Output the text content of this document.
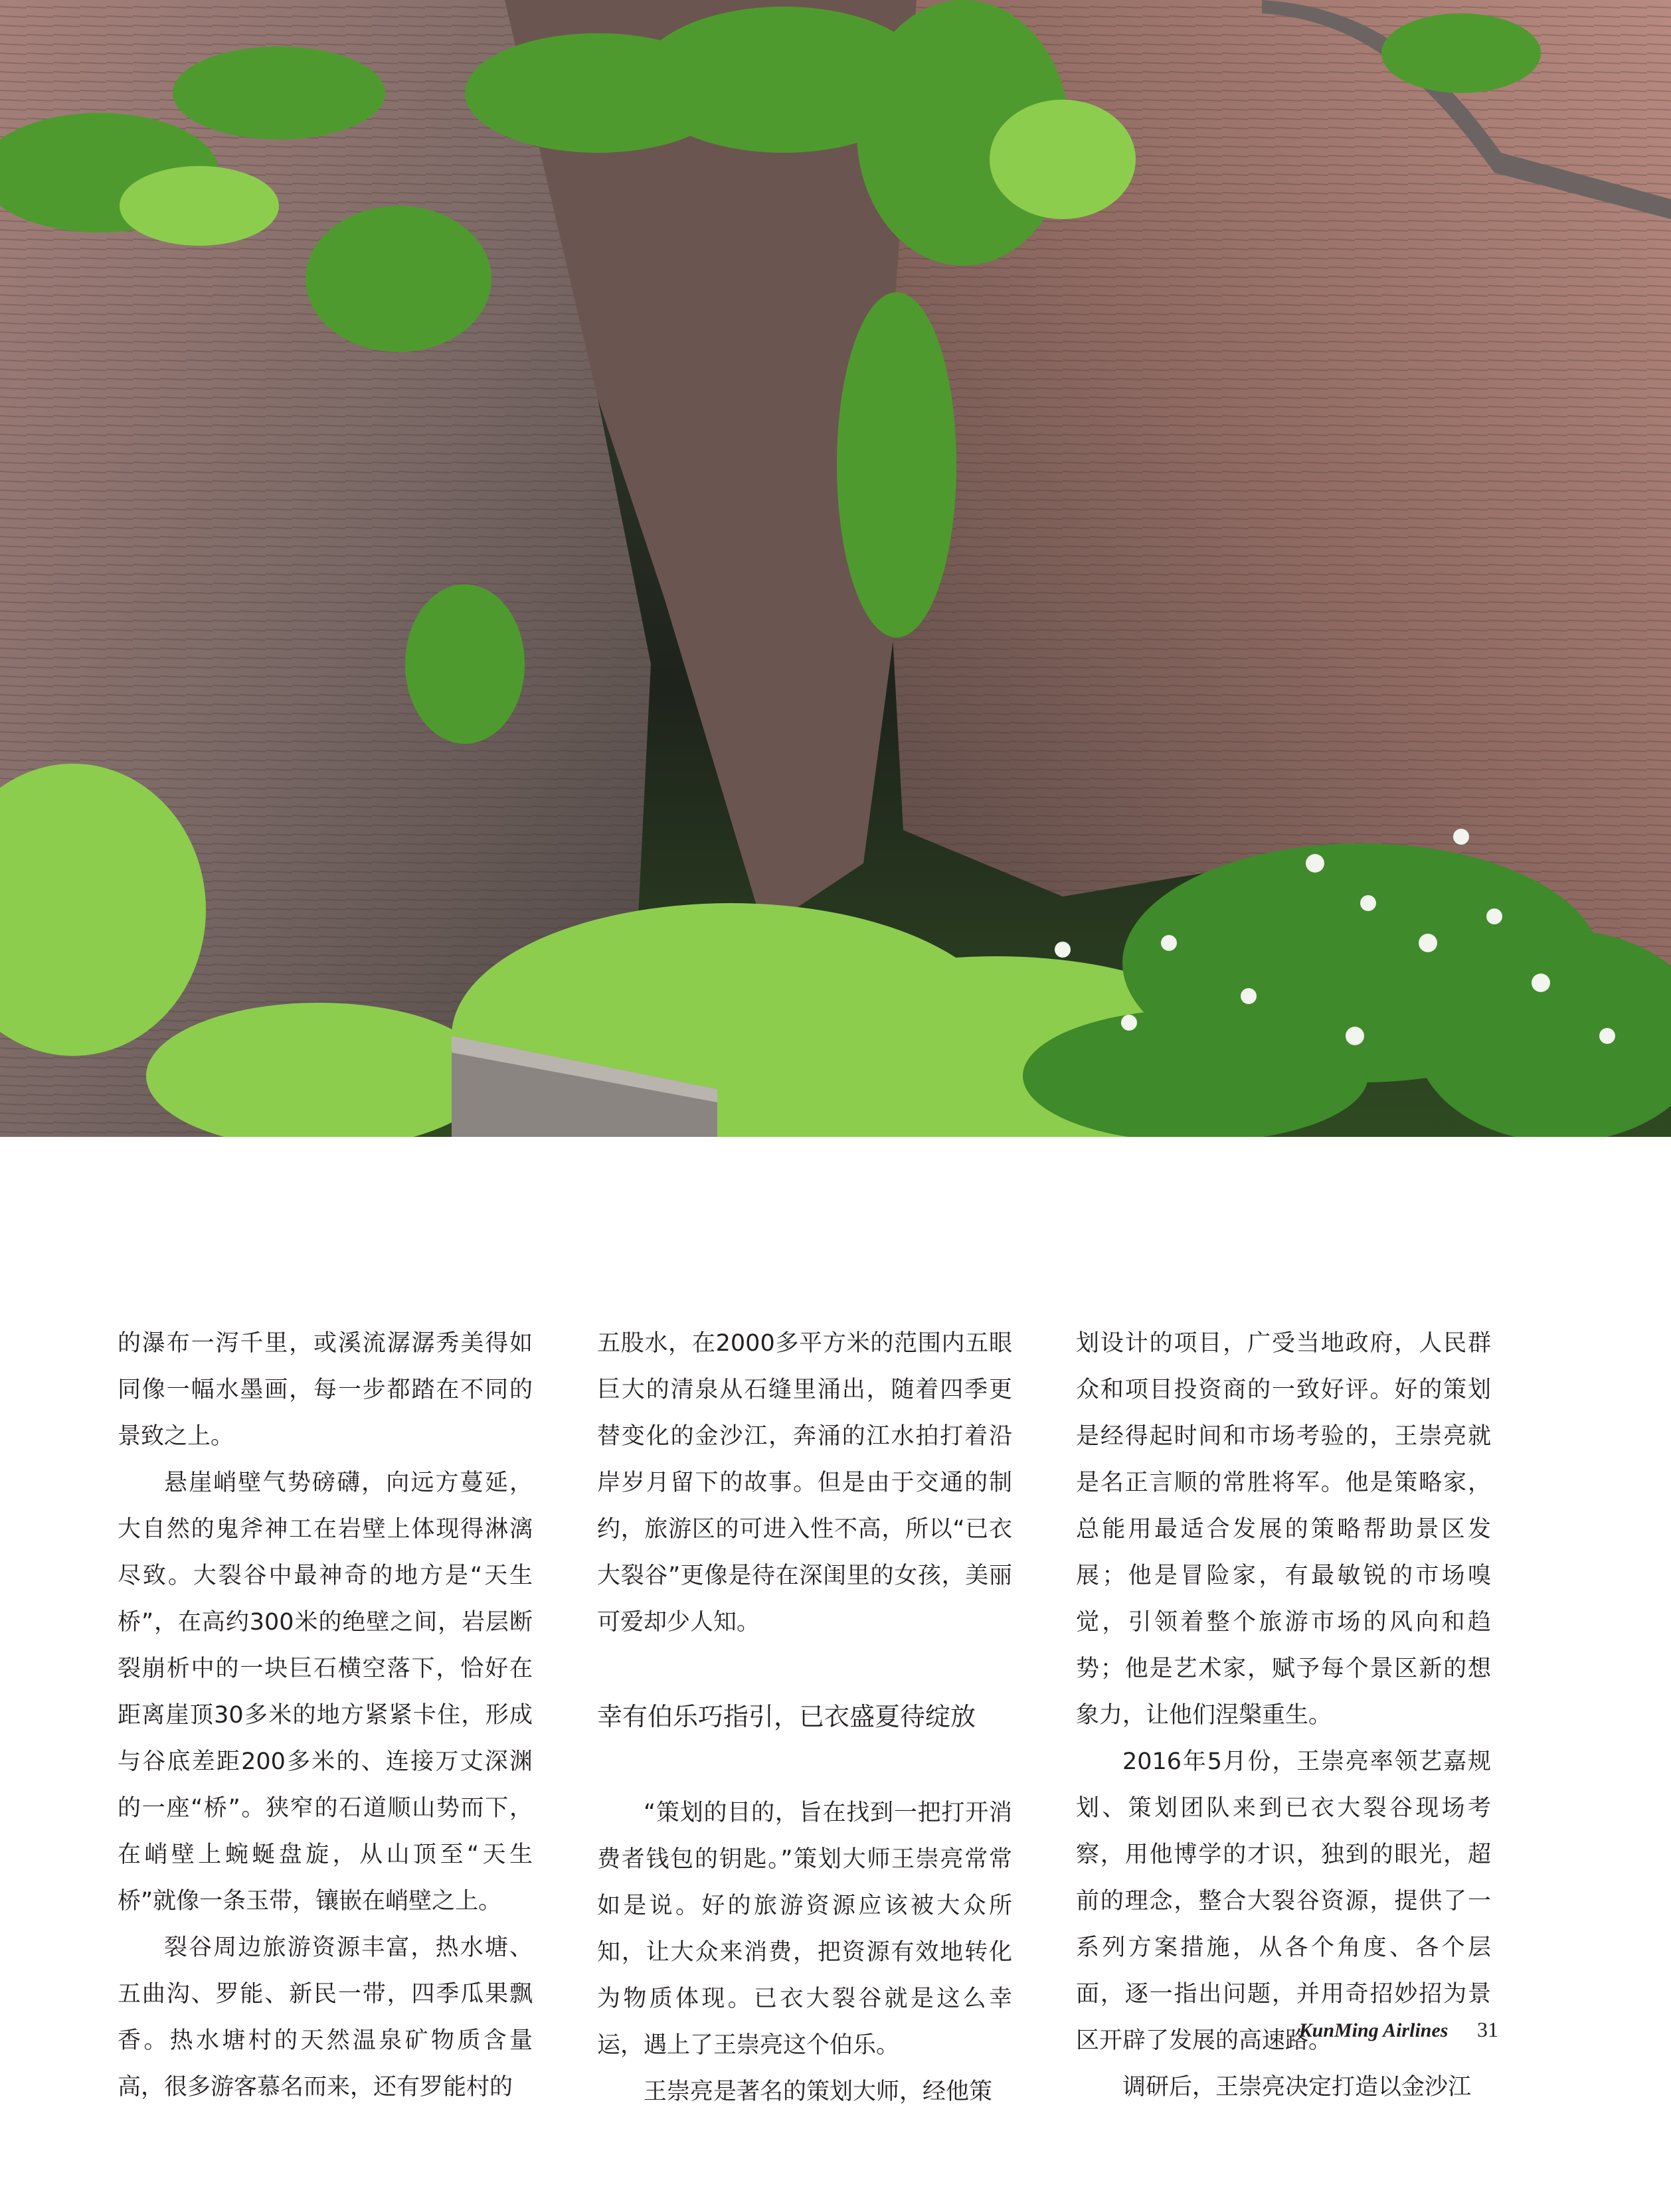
的瀑布一泻千里，或溪流潺潺秀美得如同像一幅水墨画，每一步都踏在不同的景致之上。

悬崖峭壁气势磅礴，向远方蔓延，大自然的鬼斧神工在岩壁上体现得淋漓尽致。大裂谷中最神奇的地方是“天生桥”，在高约300米的绝壁之间，岩层断裂崩析中的一块巨石横空落下，恰好在距离崖顶30多米的地方紧紧卡住，形成与谷底差距200多米的、连接万丈深渊的一座“桥”。狭窄的石道顺山势而下，在峭壁上蜿蜒盘旋，从山顶至“天生桥”就像一条玉带，镶嵌在峭壁之上。

裂谷周边旅游资源丰富，热水塘、五曲沟、罗能、新民一带，四季瓜果飘香。热水塘村的天然温泉矿物质含量高，很多游客慕名而来，还有罗能村的

五股水，在2000多平方米的范围内五眼巨大的清泉从石缝里涌出，随着四季更替变化的金沙江，奔涌的江水拍打着沿岸岁月留下的故事。但是由于交通的制约，旅游区的可进入性不高，所以“已衣大裂谷”更像是待在深闺里的女孩，美丽可爱却少人知。

幸有伯乐巧指引，已衣盛夏待绽放

“策划的目的，旨在找到一把打开消费者钱包的钥匙。”策划大师王崇亮常常如是说。好的旅游资源应该被大众所知，让大众来消费，把资源有效地转化为物质体现。已衣大裂谷就是这么幸运，遇上了王崇亮这个伯乐。

王崇亮是著名的策划大师，经他策

划设计的项目，广受当地政府，人民群众和项目投资商的一致好评。好的策划是经得起时间和市场考验的，王崇亮就是名正言顺的常胜将军。他是策略家，总能用最适合发展的策略帮助景区发展；他是冒险家，有最敏锐的市场嗅觉，引领着整个旅游市场的风向和趋势；他是艺术家，赋予每个景区新的想象力，让他们涅槃重生。

2016年5月份，王崇亮率领艺嘉规划、策划团队来到已衣大裂谷现场考察，用他博学的才识，独到的眼光，超前的理念，整合大裂谷资源，提供了一系列方案措施，从各个角度、各个层面，逐一指出问题，并用奇招妙招为景区开辟了发展的高速路。

调研后，王崇亮决定打造以金沙江

KunMing Airlines 31
